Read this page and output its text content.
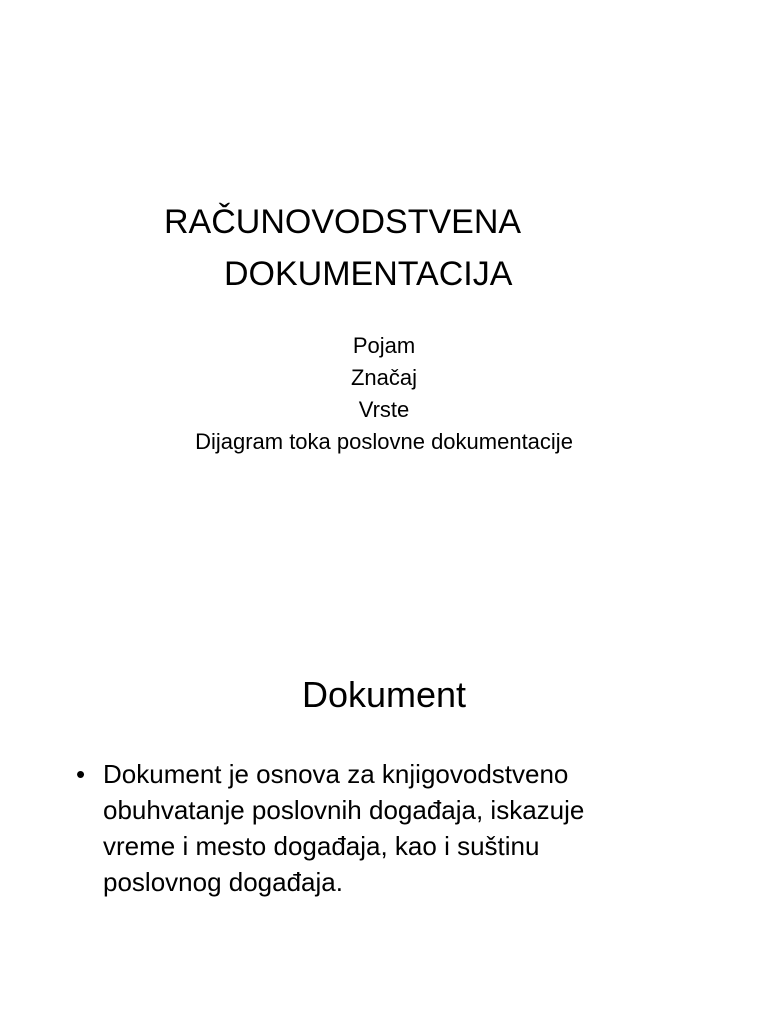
RAČUNOVODSTVENA
DOKUMENTACIJA
Pojam
Značaj
Vrste
Dijagram toka poslovne dokumentacije
Dokument
• Dokument je osnova za knjigovodstveno
obuhvatanje poslovnih događaja, iskazuje
vreme i mesto događaja, kao i suštinu
poslovnog događaja.
